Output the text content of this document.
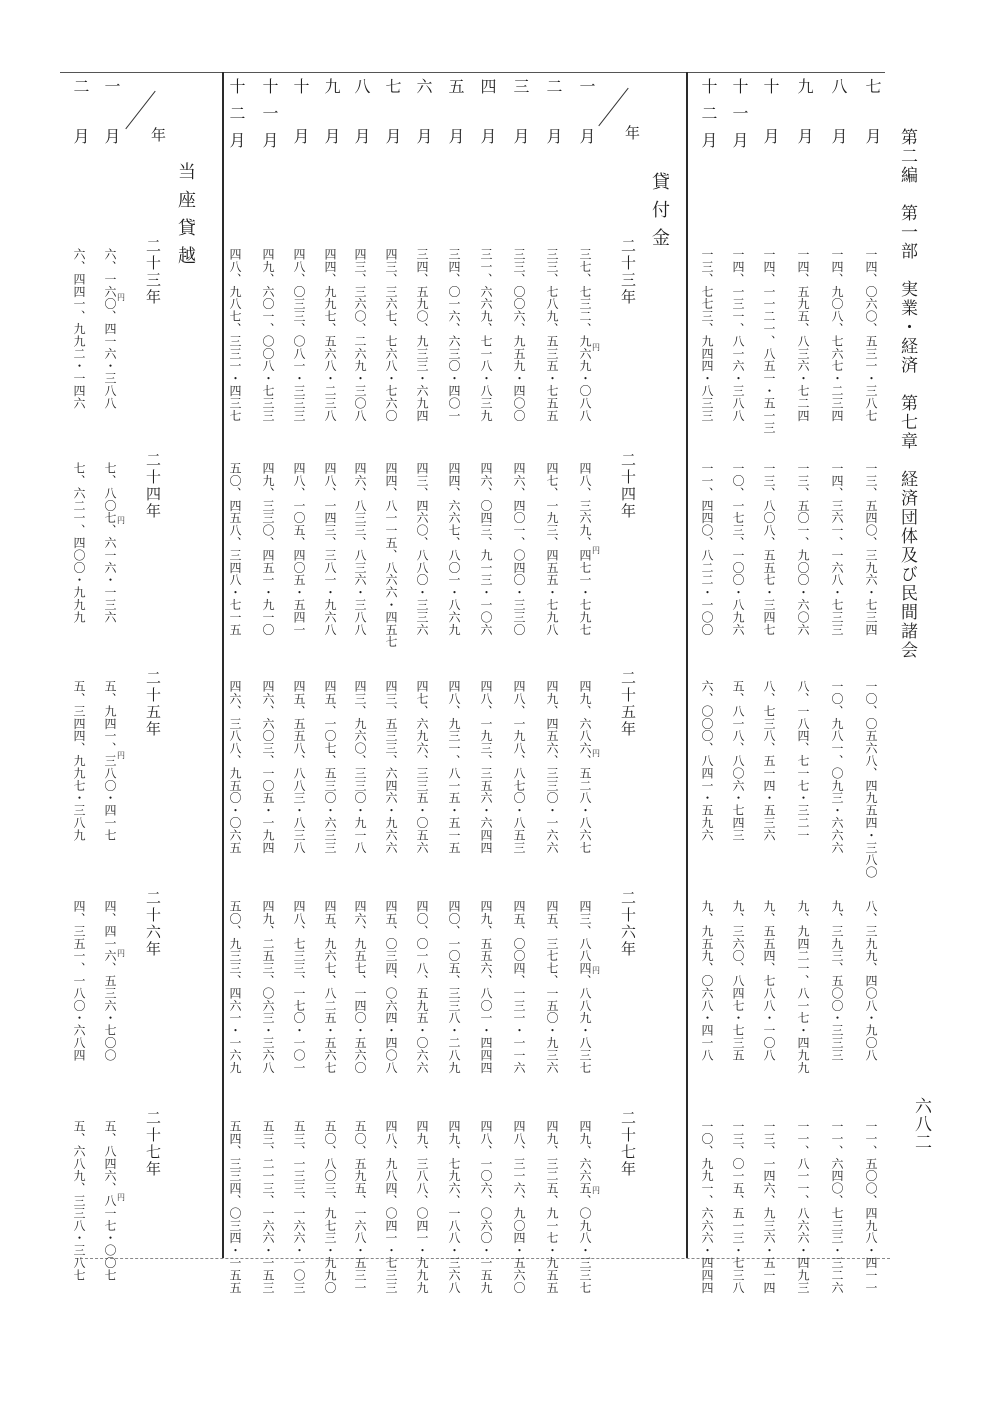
第二編　第一部　実業・経済　第七章　経済団体及び民間諸会
六八二
七月
一四、〇六〇、五三一・三八七
一三、五四〇、三九六・七三四
一〇、〇五六八、四九五四・三八〇
八、三九九、四〇八・九〇八
一一、五〇〇、四九八・四一一
八月
一四、九〇八、七六七・二三四
一四、三六一、一六八・七三三
一〇、九八一、〇九三・六六六
九、三九三、五〇〇・三三三
一一、六四〇、七三三・三二六
九月
一四、五九五、八三六・七二四
一三、五〇一、九〇〇・六〇六
八、一八四、七一七・三二一
九、九四二一、八一七・四九九
一一、八一一、八六六・四九三
十月
一四、一一二一、八五一・五一三
一三、八〇八、五五七・三四七
八、七三八、五一四・五三六
九、五五四、七八八・一〇八
一三、一四六、九三六・五一四
十一月
一四、一三一、八一六・三八八
一〇、一七三、一〇〇・八九六
五、八一八、八〇六・七四三
九、三六〇、八四七・七三五
一三、〇一五、五一三・七三八
十二月
一三、七七三、九四四・八三三
一一、四四〇、八二二・一〇〇
六、〇〇〇、八四一・五九六
九、九五九、〇六八・四一八
一〇、九九一、六六六・四四四
一月
三七、七三二、九六九・〇八八
四八、三六九、四七一・七九七
四九、六八六、五二八・八六七
四三、八八四、八八九・八三七
四九、六六五、〇九八・三三七
二月
三三、七八九、五三五・七五五
四七、一九三、四五五・七九八
四九、四五六、三三〇・一六六
四五、三七七、一五〇・九三六
四九、三二五、九一七・九五五
三月
三三、〇〇六、九五九・四〇〇
四六、四〇一、〇四〇・三三〇
四八、一九八、八七〇・八五三
四五、〇〇四、一三一・一一六
四八、三一六、九〇四・五六〇
四月
三一、六六九、七一八・八三九
四六、〇四三、九一三・一〇六
四八、一九三、三五六・六四四
四九、五五六、八〇一・四四四
四八、一〇六、〇六〇・一五九
五月
三四、〇一六、六三〇・四〇一
四四、六六七、八〇一・八六九
四八、九三一、八一五・五一五
四〇、一〇五、三三八・二八九
四九、七九六、一八八・三六八
六月
三四、五九〇、九三三・六九四
四三、四六〇、八八〇・三三六
四七、六九六、三三五・〇五六
四〇、〇一八、五九五・〇六六
四九、三八八、〇四一・九九九
七月
四三、三六七、七六八・七六〇
四四、八一一五、八六六・四五七
四三、五三三、六四六・九六六
四五、〇三四、〇六四・四〇八
四八、九八四、〇四一・七三三
八月
四三、三六〇、二六九・三〇八
四六、八三三、八三六・三八八
四三、九六〇、三三〇・九一八
四六、九五七、一四〇・五六〇
五〇、五九五、一六八・五三一
九月
四四、九九七、五六八・二三八
四八、一四三、三八一・九六八
四五、一〇七、五三〇・六三三
四五、九六七、八二五・五六七
五〇、八〇三、九七三・九九〇
十月
四八、〇三三、〇八一・三三三
四八、一〇五、四〇五・五四一
四五、五五八、八八三・八三八
四八、七三三、一七〇・一〇一
五三、一三三、一六六・一〇三
十一月
四九、六〇一、〇〇八・七三三
四九、三三〇、四五一・九一〇
四六、六〇三、一〇五・一九四
四九、二五三、〇六三・三六八
五三、二一三、一六六・一五三
十二月
四八、九八七、三三一・四三七
五〇、四五八、三四八・七一五
四六、三八八、九五〇・〇六五
五〇、九三三、四六一・一六九
五四、三三四、〇三四・一五五
貸付金
年
二十三年
二十四年
二十五年
二十六年
二十七年
円
円
円
円
円
一月
六、一六〇、四一六・三八八
七、八〇七、六一六・一三六
五、九四一、三八〇・四一七
四、四一六、五三六・七〇〇
五、八四六、八一七・〇〇七
二月
六、四四一、九九二・一四六
七、六二一、四〇〇・九九九
五、三四四、九九七・三八九
四、三五一、一八〇・六八四
五、六八九、三三八・三八七
当座貸越
年
二十三年
二十四年
二十五年
二十六年
二十七年
円
円
円
円
円
